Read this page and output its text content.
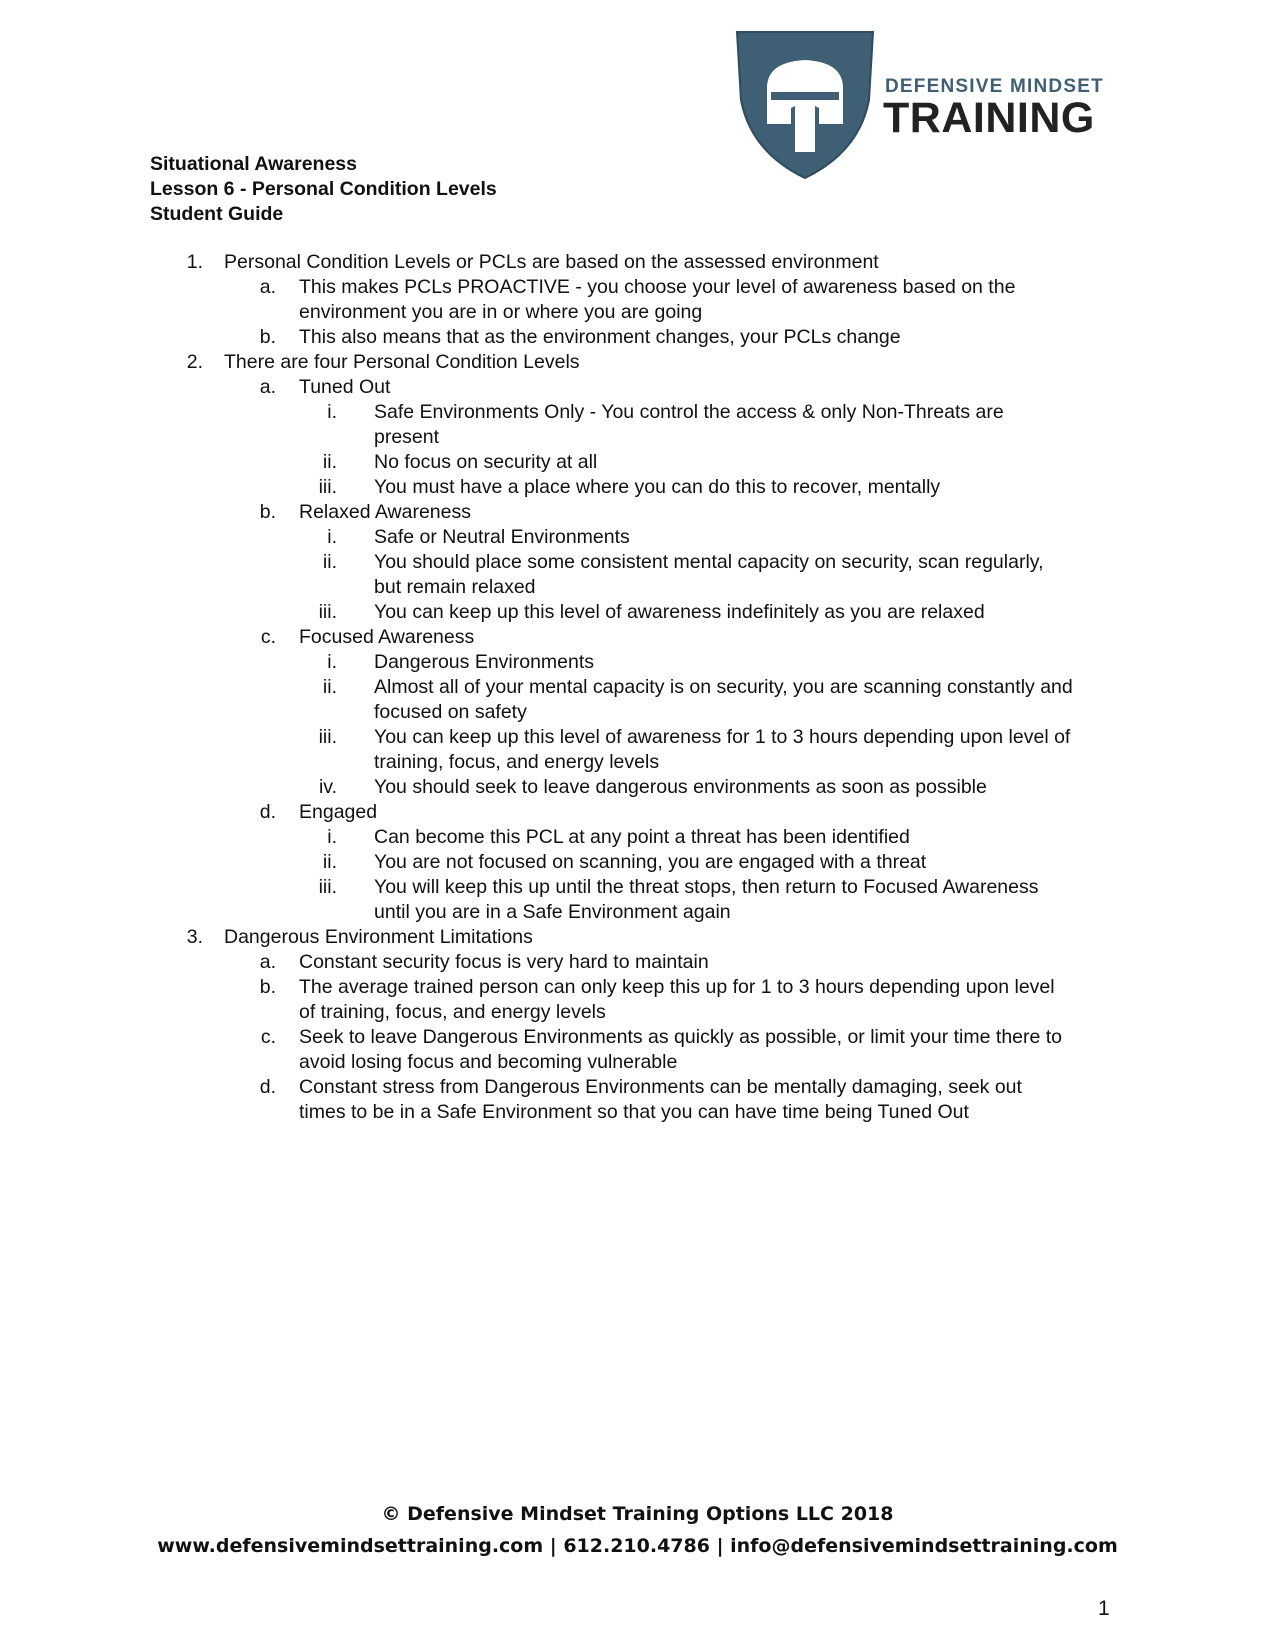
DEFENSIVE MINDSET
TRAINING
Situational Awareness
Lesson 6 - Personal Condition Levels
Student Guide
1. Personal Condition Levels or PCLs are based on the assessed environment
a. This makes PCLs PROACTIVE - you choose your level of awareness based on the
environment you are in or where you are going
b. This also means that as the environment changes, your PCLs change
2. There are four Personal Condition Levels
a. Tuned Out
i. Safe Environments Only - You control the access & only Non-Threats are
present
ii. No focus on security at all
iii. You must have a place where you can do this to recover, mentally
b. Relaxed Awareness
i. Safe or Neutral Environments
ii. You should place some consistent mental capacity on security, scan regularly,
but remain relaxed
iii. You can keep up this level of awareness indefinitely as you are relaxed
c. Focused Awareness
i. Dangerous Environments
ii. Almost all of your mental capacity is on security, you are scanning constantly and
focused on safety
iii. You can keep up this level of awareness for 1 to 3 hours depending upon level of
training, focus, and energy levels
iv. You should seek to leave dangerous environments as soon as possible
d. Engaged
i. Can become this PCL at any point a threat has been identified
ii. You are not focused on scanning, you are engaged with a threat
iii. You will keep this up until the threat stops, then return to Focused Awareness
until you are in a Safe Environment again
3. Dangerous Environment Limitations
a. Constant security focus is very hard to maintain
b. The average trained person can only keep this up for 1 to 3 hours depending upon level
of training, focus, and energy levels
c. Seek to leave Dangerous Environments as quickly as possible, or limit your time there to
avoid losing focus and becoming vulnerable
d. Constant stress from Dangerous Environments can be mentally damaging, seek out
times to be in a Safe Environment so that you can have time being Tuned Out
© Defensive Mindset Training Options LLC 2018
www.defensivemindsettraining.com | 612.210.4786 | info@defensivemindsettraining.com
1
